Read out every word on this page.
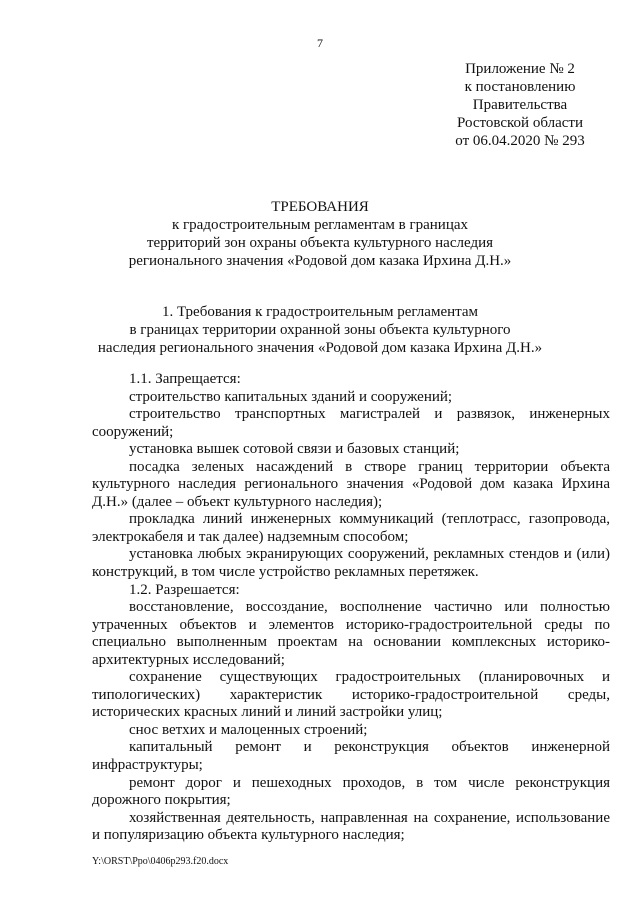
7
Приложение № 2
к постановлению
Правительства
Ростовской области
от 06.04.2020 № 293
ТРЕБОВАНИЯ
к градостроительным регламентам в границах
территорий зон охраны объекта культурного наследия
регионального значения «Родовой дом казака Ирхина Д.Н.»
1. Требования к градостроительным регламентам
в границах территории охранной зоны объекта культурного
наследия регионального значения «Родовой дом казака Ирхина Д.Н.»

1.1. Запрещается:

строительство капитальных зданий и сооружений;

строительство транспортных магистралей и развязок, инженерных сооружений;

установка вышек сотовой связи и базовых станций;

посадка зеленых насаждений в створе границ территории объекта культурного наследия регионального значения «Родовой дом казака Ирхина Д.Н.» (далее – объект культурного наследия);

прокладка линий инженерных коммуникаций (теплотрасс, газопровода, электрокабеля и так далее) надземным способом;

установка любых экранирующих сооружений, рекламных стендов и (или) конструкций, в том числе устройство рекламных перетяжек.

1.2. Разрешается:

восстановление, воссоздание, восполнение частично или полностью утраченных объектов и элементов историко-градостроительной среды по специально выполненным проектам на основании комплексных историко-архитектурных исследований;

сохранение существующих градостроительных (планировочных и типологических) характеристик историко-градостроительной среды, исторических красных линий и линий застройки улиц;

снос ветхих и малоценных строений;

капитальный ремонт и реконструкция объектов инженерной инфраструктуры;

ремонт дорог и пешеходных проходов, в том числе реконструкция дорожного покрытия;

хозяйственная деятельность, направленная на сохранение, использование и популяризацию объекта культурного наследия;

Y:\ORST\Ppo\0406p293.f20.docx
